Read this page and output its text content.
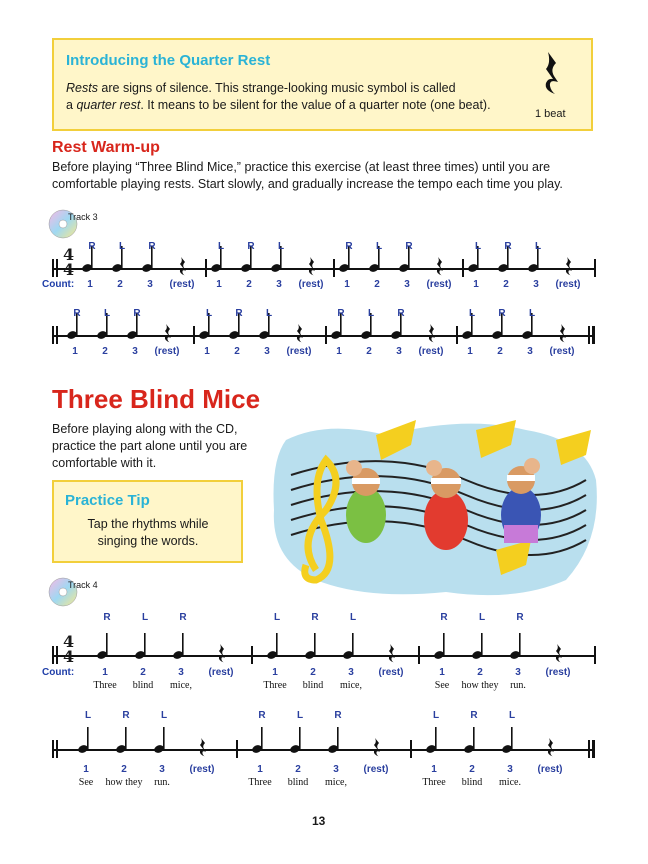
Introducing the Quarter Rest
Rests are signs of silence. This strange-looking music symbol is called
a quarter rest. It means to be silent for the value of a quarter note (one beat).
1 beat
Rest Warm-up
Before playing “Three Blind Mice,” practice this exercise (at least three times) until you are comfortable playing rests. Start slowly, and gradually increase the tempo each time you play.
Track 3
4
4
Count:
R
1
L
2
R
3	(rest)
L
1
R
2
L
3	(rest)
R
1
L
2
R
3	(rest)
L
1
R
2
L
3	(rest)
R
1
L
2
R
3	(rest)
L
1
R
2
L
3	(rest)
R
1
L
2
R
3	(rest)
L
1
R
2
L
3	(rest)
4
4
Count:
R
1
Three
L
2
blind
R
3
mice,
(rest)
L
1
Three
R
2
blind
L
3
mice,
(rest)
R
1
See
L
2
how they
R
3
run.
(rest)
L
1
See
R
2
how they
L
3
run.
(rest)
R
1
Three
L
2
blind
R
3
mice,
(rest)
L
1
Three
R
2
blind
L
3
mice.
(rest)
Three Blind Mice
Before playing along with the CD, practice the part alone until you are comfortable with it.
Practice Tip
Tap the rhythms while singing the words.
Track 4
13
